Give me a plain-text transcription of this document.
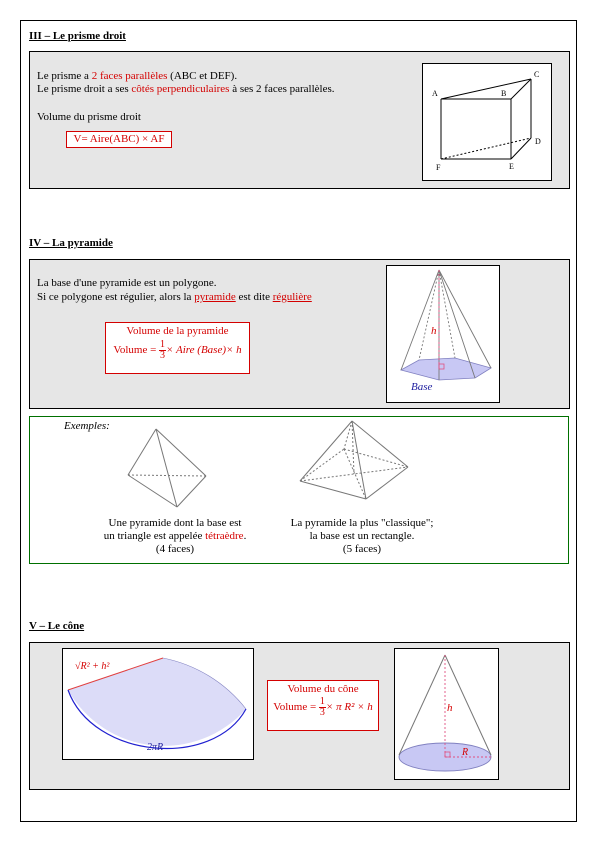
III – Le prisme droit
Le prisme a 2 faces parallèles (ABC et DEF).
Le prisme droit a ses côtés perpendiculaires à ses 2 faces parallèles.
Volume du prisme droit
V= Aire(ABC) × AF
A	B
C
D
E
F
IV – La pyramide
La base d'une pyramide est un polygone.
Si ce polygone est régulier, alors la pyramide est dite régulière
Volume de la pyramide
Volume = $\frac{1}{3}$ × Aire (Base)× h
h
Base
Exemples:
Une pyramide dont la base est
un triangle est appelée tétraèdre.
(4 faces)
La pyramide la plus "classique";
la base est un rectangle.
(5 faces)
V – Le cône
√R² + h²
2πR
Volume du cône
Volume = $\frac{1}{3} \times \pi$ R² × h	h
R
